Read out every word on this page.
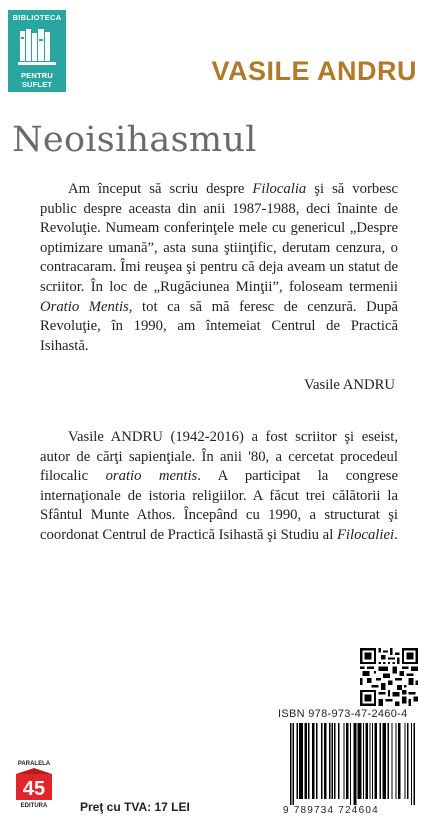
BIBLIOTECA
PENTRU SUFLET	VASILE ANDRU
Neoisihasmul

Am început să scriu despre Filocalia şi să vorbesc public despre aceasta din anii 1987-1988, deci înainte de Revoluţie. Numeam conferinţele mele cu genericul „Despre optimizare umană”, asta suna ştiinţific, derutam cenzura, o contracaram. Îmi reuşea şi pentru că deja aveam un statut de scriitor. În loc de „Rugăciunea Minţii”, foloseam termenii Oratio Mentis, tot ca să mă feresc de cenzură. După Revoluţie, în 1990, am întemeiat Centrul de Practică Isihastă.

Vasile ANDRU

Vasile ANDRU (1942-2016) a fost scriitor şi eseist, autor de cărţi sapienţiale. În anii '80, a cercetat procedeul filocalic oratio mentis. A participat la congrese internaţionale de istoria religiilor. A făcut trei călătorii la Sfântul Munte Athos. Începând cu 1990, a structurat şi coordonat Centrul de Practică Isihastă şi Studiu al Filocaliei.

ISBN 978-973-47-2460-4
9 789734 724604
PARALELA
45
EDITURA	Preţ cu TVA: 17 LEI
